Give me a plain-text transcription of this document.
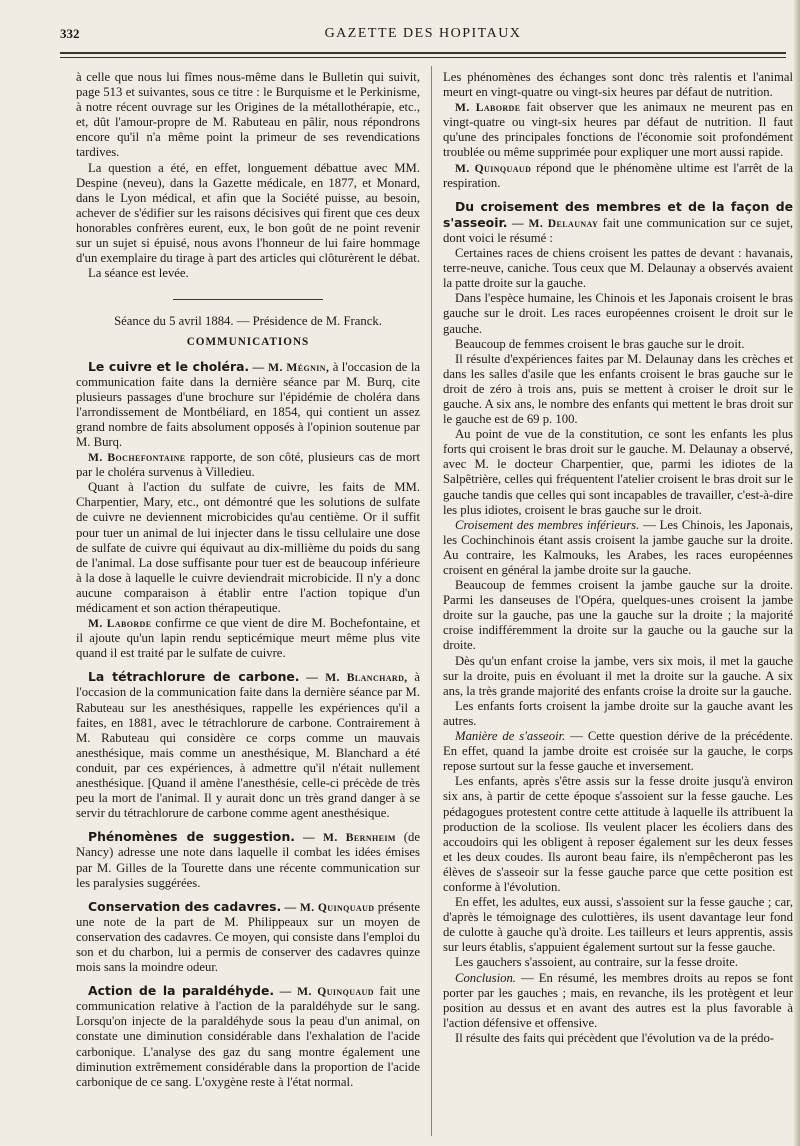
332	GAZETTE DES HOPITAUX

à celle que nous lui fîmes nous-même dans le Bulletin qui suivit, page 513 et suivantes, sous ce titre : le Burquisme et le Perkinisme, à notre récent ouvrage sur les Origines de la métallothérapie, etc., et, dût l'amour-propre de M. Rabuteau en pâlir, nous répondrons encore qu'il n'a même point la primeur de ses revendications tardives.

La question a été, en effet, longuement débattue avec MM. Despine (neveu), dans la Gazette médicale, en 1877, et Monard, dans le Lyon médical, et afin que la Société puisse, au besoin, achever de s'édifier sur les raisons décisives qui firent que ces deux honorables confrères eurent, eux, le bon goût de ne point revenir sur un sujet si épuisé, nous avons l'honneur de lui faire hommage d'un exemplaire du tirage à part des articles qui clôturèrent le débat.

La séance est levée.

Séance du 5 avril 1884. — Présidence de M. Franck.

COMMUNICATIONS

Le cuivre et le choléra. — M. Mégnin, à l'occasion de la communication faite dans la dernière séance par M. Burq, cite plusieurs passages d'une brochure sur l'épidémie de choléra dans l'arrondissement de Montbéliard, en 1854, qui contient un assez grand nombre de faits absolument opposés à l'opinion soutenue par M. Burq.

M. Bochefontaine rapporte, de son côté, plusieurs cas de mort par le choléra survenus à Villedieu.

Quant à l'action du sulfate de cuivre, les faits de MM. Charpentier, Mary, etc., ont démontré que les solutions de sulfate de cuivre ne deviennent microbicides qu'au centième. Or il suffit pour tuer un animal de lui injecter dans le tissu cellulaire une dose de sulfate de cuivre qui équivaut au dix-millième du poids du sang de l'animal. La dose suffisante pour tuer est de beaucoup inférieure à la dose à laquelle le cuivre deviendrait microbicide. Il n'y a donc aucune comparaison à établir entre l'action topique d'un médicament et son action thérapeutique.

M. Laborde confirme ce que vient de dire M. Bochefontaine, et il ajoute qu'un lapin rendu septicémique meurt même plus vite quand il est traité par le sulfate de cuivre.

La tétrachlorure de carbone. — M. Blanchard, à l'occasion de la communication faite dans la dernière séance par M. Rabuteau sur les anesthésiques, rappelle les expériences qu'il a faites, en 1881, avec le tétrachlorure de carbone. Contrairement à M. Rabuteau qui considère ce corps comme un mauvais anesthésique, mais comme un anesthésique, M. Blanchard a été conduit, par ces expériences, à admettre qu'il n'était nullement anesthésique. [Quand il amène l'anesthésie, celle-ci précède de très peu la mort de l'animal. Il y aurait donc un très grand danger à se servir du tétrachlorure de carbone comme agent anesthésique.

Phénomènes de suggestion. — M. Bernheim (de Nancy) adresse une note dans laquelle il combat les idées émises par M. Gilles de la Tourette dans une récente communication sur les paralysies suggérées.

Conservation des cadavres. — M. Quinquaud présente une note de la part de M. Philippeaux sur un moyen de conservation des cadavres. Ce moyen, qui consiste dans l'emploi du son et du charbon, lui a permis de conserver des cadavres quinze mois sans la moindre odeur.

Action de la paraldéhyde. — M. Quinquaud fait une communication relative à l'action de la paraldéhyde sur le sang. Lorsqu'on injecte de la paraldéhyde sous la peau d'un animal, on constate une diminution considérable dans l'exhalation de l'acide carbonique. L'analyse des gaz du sang montre également une diminution extrêmement considérable dans la proportion de l'acide carbonique de ce sang. L'oxygène reste à l'état normal.

Les phénomènes des échanges sont donc très ralentis et l'animal meurt en vingt-quatre ou vingt-six heures par défaut de nutrition.

M. Laborde fait observer que les animaux ne meurent pas en vingt-quatre ou vingt-six heures par défaut de nutrition. Il faut qu'une des principales fonctions de l'économie soit profondément troublée ou même supprimée pour expliquer une mort aussi rapide.

M. Quinquaud répond que le phénomène ultime est l'arrêt de la respiration.

Du croisement des membres et de la façon de s'asseoir. — M. Delaunay fait une communication sur ce sujet, dont voici le résumé :

Certaines races de chiens croisent les pattes de devant : havanais, terre-neuve, caniche. Tous ceux que M. Delaunay a observés avaient la patte droite sur la gauche.

Dans l'espèce humaine, les Chinois et les Japonais croisent le bras gauche sur le droit. Les races européennes croisent le droit sur le gauche.

Beaucoup de femmes croisent le bras gauche sur le droit.

Il résulte d'expériences faites par M. Delaunay dans les crèches et dans les salles d'asile que les enfants croisent le bras gauche sur le droit de zéro à trois ans, puis se mettent à croiser le droit sur le gauche. A six ans, le nombre des enfants qui mettent le bras droit sur le gauche est de 69 p. 100.

Au point de vue de la constitution, ce sont les enfants les plus forts qui croisent le bras droit sur le gauche. M. Delaunay a observé, avec M. le docteur Charpentier, que, parmi les idiotes de la Salpêtrière, celles qui fréquentent l'atelier croisent le bras droit sur le gauche tandis que celles qui sont incapables de travailler, c'est-à-dire les plus idiotes, croisent le bras gauche sur le droit.

Croisement des membres inférieurs. — Les Chinois, les Japonais, les Cochinchinois étant assis croisent la jambe gauche sur la droite. Au contraire, les Kalmouks, les Arabes, les races européennes croisent en général la jambe droite sur la gauche.

Beaucoup de femmes croisent la jambe gauche sur la droite. Parmi les danseuses de l'Opéra, quelques-unes croisent la jambe droite sur la gauche, pas une la gauche sur la droite ; la majorité croise indifféremment la droite sur la gauche ou la gauche sur la droite.

Dès qu'un enfant croise la jambe, vers six mois, il met la gauche sur la droite, puis en évoluant il met la droite sur la gauche. A six ans, la très grande majorité des enfants croise la droite sur la gauche.

Les enfants forts croisent la jambe droite sur la gauche avant les autres.

Manière de s'asseoir. — Cette question dérive de la précédente. En effet, quand la jambe droite est croisée sur la gauche, le corps repose surtout sur la fesse gauche et inversement.

Les enfants, après s'être assis sur la fesse droite jusqu'à environ six ans, à partir de cette époque s'assoient sur la fesse gauche. Les pédagogues protestent contre cette attitude à laquelle ils attribuent la production de la scoliose. Ils veulent placer les écoliers dans des accoudoirs qui les obligent à reposer également sur les deux fesses et les deux coudes. Ils auront beau faire, ils n'empêcheront pas les élèves de s'asseoir sur la fesse gauche parce que cette position est conforme à l'évolution.

En effet, les adultes, eux aussi, s'assoient sur la fesse gauche ; car, d'après le témoignage des culottières, ils usent davantage leur fond de culotte à gauche qu'à droite. Les tailleurs et leurs apprentis, assis sur leurs établis, s'appuient également surtout sur la fesse gauche.

Les gauchers s'assoient, au contraire, sur la fesse droite.

Conclusion. — En résumé, les membres droits au repos se font porter par les gauches ; mais, en revanche, ils les protègent et leur position au dessus et en avant des autres est la plus favorable à l'action défensive et offensive.

Il résulte des faits qui précèdent que l'évolution va de la prédo-
